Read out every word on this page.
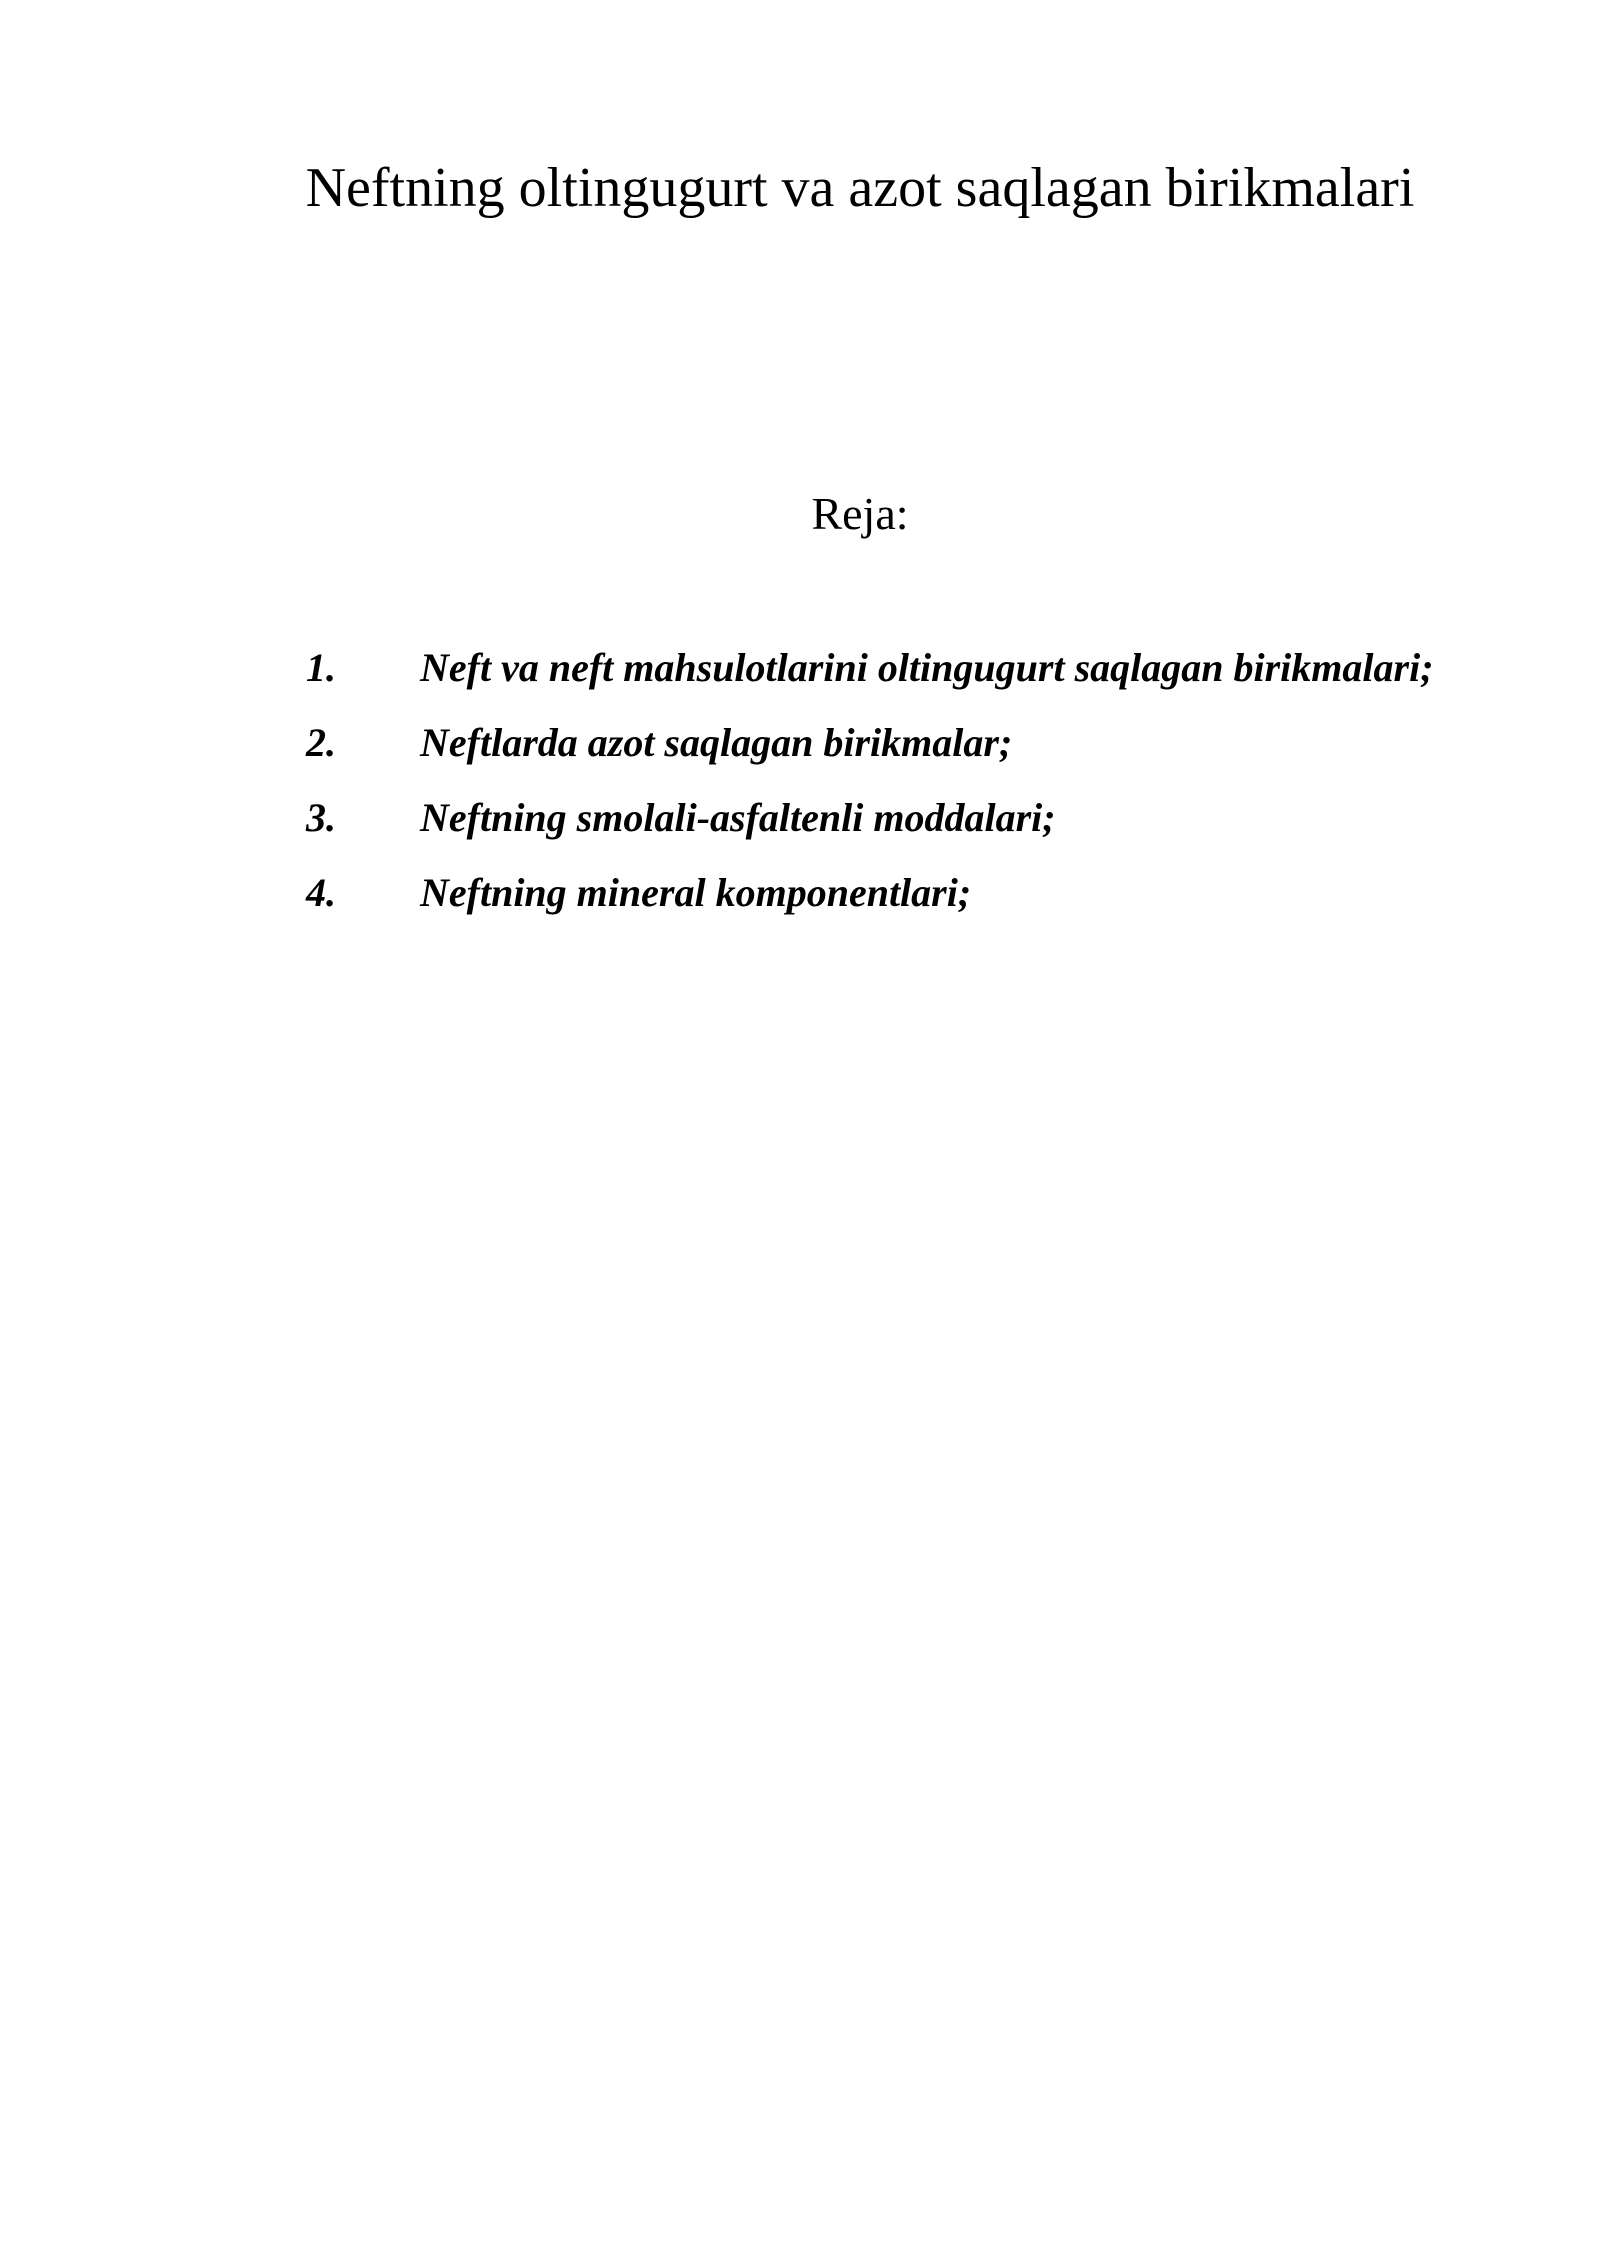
Neftning oltingugurt va azot saqlagan birikmalari
Reja:
1. Neft va neft mahsulotlarini oltingugurt saqlagan birikmalari;
2. Neftlarda azot saqlagan birikmalar;
3. Neftning smolali-asfaltenli moddalari;
4. Neftning mineral komponentlari;
